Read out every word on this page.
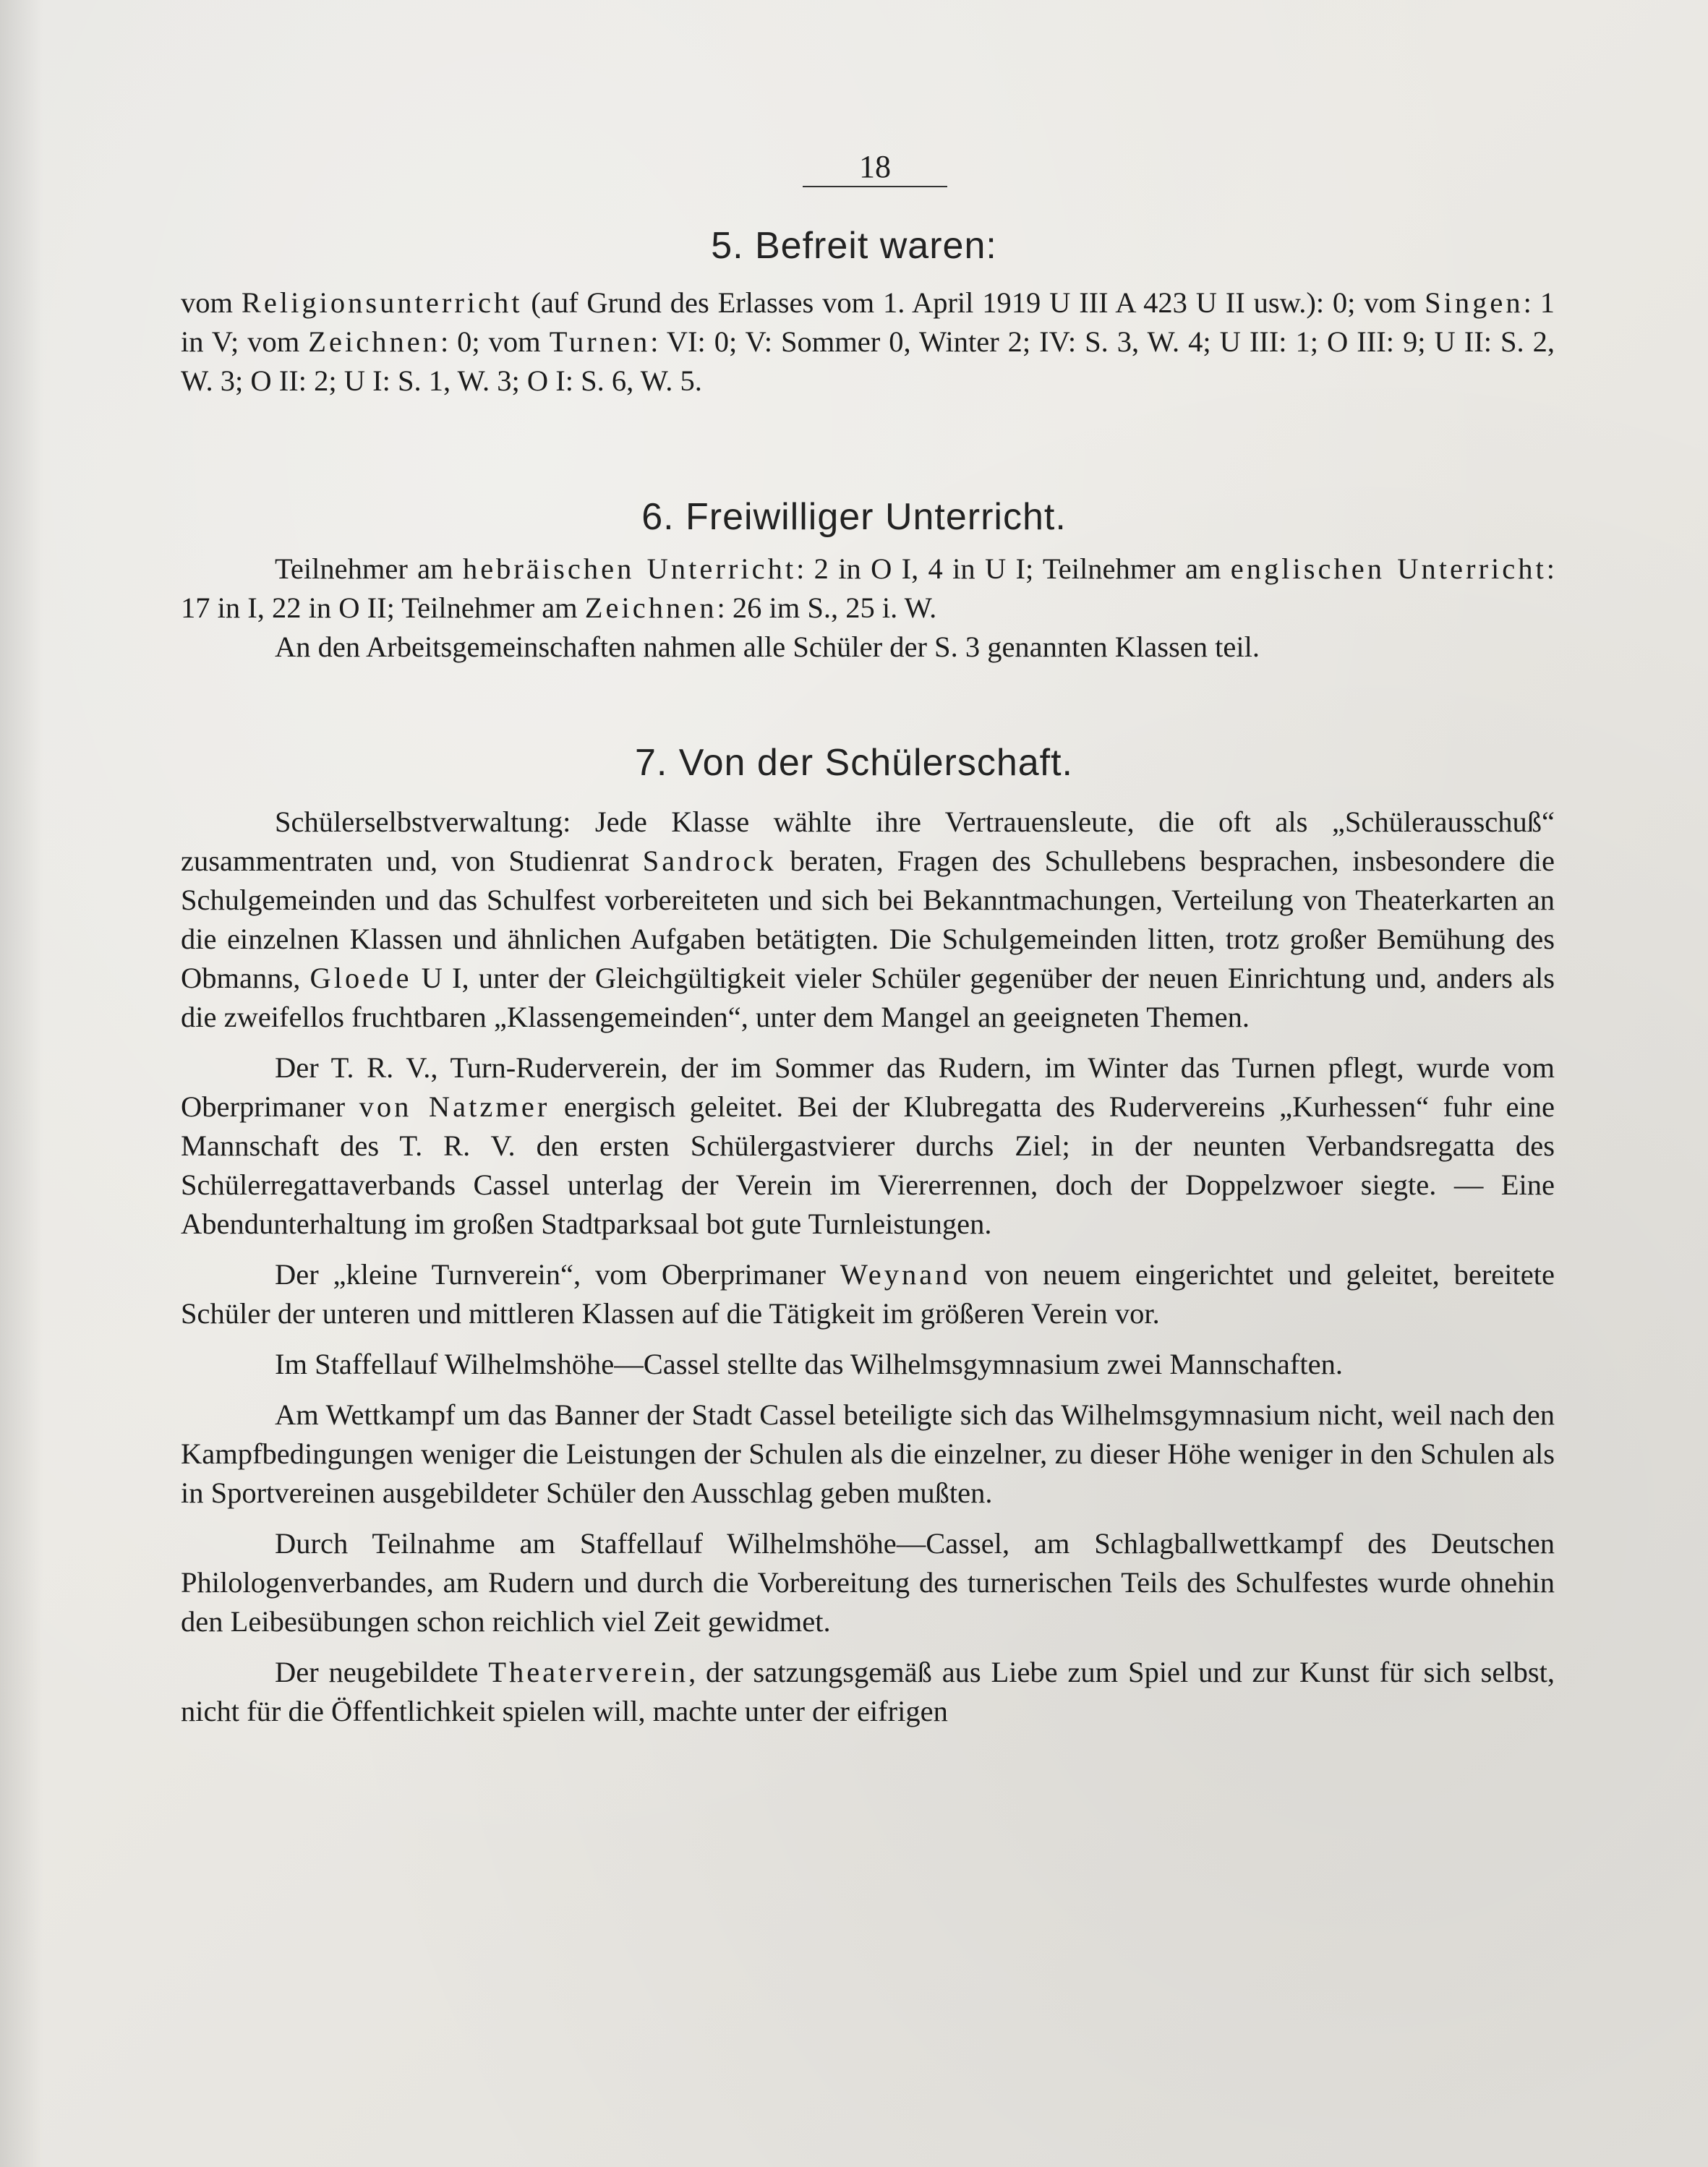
18
5. Befreit waren:

vom Religionsunterricht (auf Grund des Erlasses vom 1. April 1919 U III A 423 U II usw.): 0; vom Singen: 1 in V; vom Zeichnen: 0; vom Turnen: VI: 0; V: Sommer 0, Winter 2; IV: S. 3, W. 4; U III: 1; O III: 9; U II: S. 2, W. 3; O II: 2; U I: S. 1, W. 3; O I: S. 6, W. 5.

6. Freiwilliger Unterricht.

Teilnehmer am hebräischen Unterricht: 2 in O I, 4 in U I; Teilnehmer am englischen Unterricht: 17 in I, 22 in O II; Teilnehmer am Zeichnen: 26 im S., 25 i. W.

An den Arbeitsgemeinschaften nahmen alle Schüler der S. 3 genannten Klassen teil.

7. Von der Schülerschaft.

Schülerselbstverwaltung: Jede Klasse wählte ihre Vertrauensleute, die oft als „Schülerausschuß“ zusammentraten und, von Studienrat Sandrock beraten, Fragen des Schullebens besprachen, insbesondere die Schulgemeinden und das Schulfest vorbereiteten und sich bei Bekanntmachungen, Verteilung von Theaterkarten an die einzelnen Klassen und ähnlichen Aufgaben betätigten. Die Schulgemeinden litten, trotz großer Bemühung des Obmanns, Gloede U I, unter der Gleichgültigkeit vieler Schüler gegenüber der neuen Einrichtung und, anders als die zweifellos fruchtbaren „Klassengemeinden“, unter dem Mangel an geeigneten Themen.

Der T. R. V., Turn-Ruderverein, der im Sommer das Rudern, im Winter das Turnen pflegt, wurde vom Oberprimaner von Natzmer energisch geleitet. Bei der Klubregatta des Rudervereins „Kurhessen“ fuhr eine Mannschaft des T. R. V. den ersten Schülergastvierer durchs Ziel; in der neunten Verbandsregatta des Schülerregattaverbands Cassel unterlag der Verein im Viererrennen, doch der Doppelzwoer siegte. — Eine Abendunterhaltung im großen Stadtparksaal bot gute Turnleistungen.

Der „kleine Turnverein“, vom Oberprimaner Weynand von neuem eingerichtet und geleitet, bereitete Schüler der unteren und mittleren Klassen auf die Tätigkeit im größeren Verein vor.

Im Staffellauf Wilhelmshöhe—Cassel stellte das Wilhelmsgymnasium zwei Mannschaften.

Am Wettkampf um das Banner der Stadt Cassel beteiligte sich das Wilhelmsgymnasium nicht, weil nach den Kampfbedingungen weniger die Leistungen der Schulen als die einzelner, zu dieser Höhe weniger in den Schulen als in Sportvereinen ausgebildeter Schüler den Ausschlag geben mußten.

Durch Teilnahme am Staffellauf Wilhelmshöhe—Cassel, am Schlagballwettkampf des Deutschen Philologenverbandes, am Rudern und durch die Vorbereitung des turnerischen Teils des Schulfestes wurde ohnehin den Leibesübungen schon reichlich viel Zeit gewidmet.

Der neugebildete Theaterverein, der satzungsgemäß aus Liebe zum Spiel und zur Kunst für sich selbst, nicht für die Öffentlichkeit spielen will, machte unter der eifrigen
